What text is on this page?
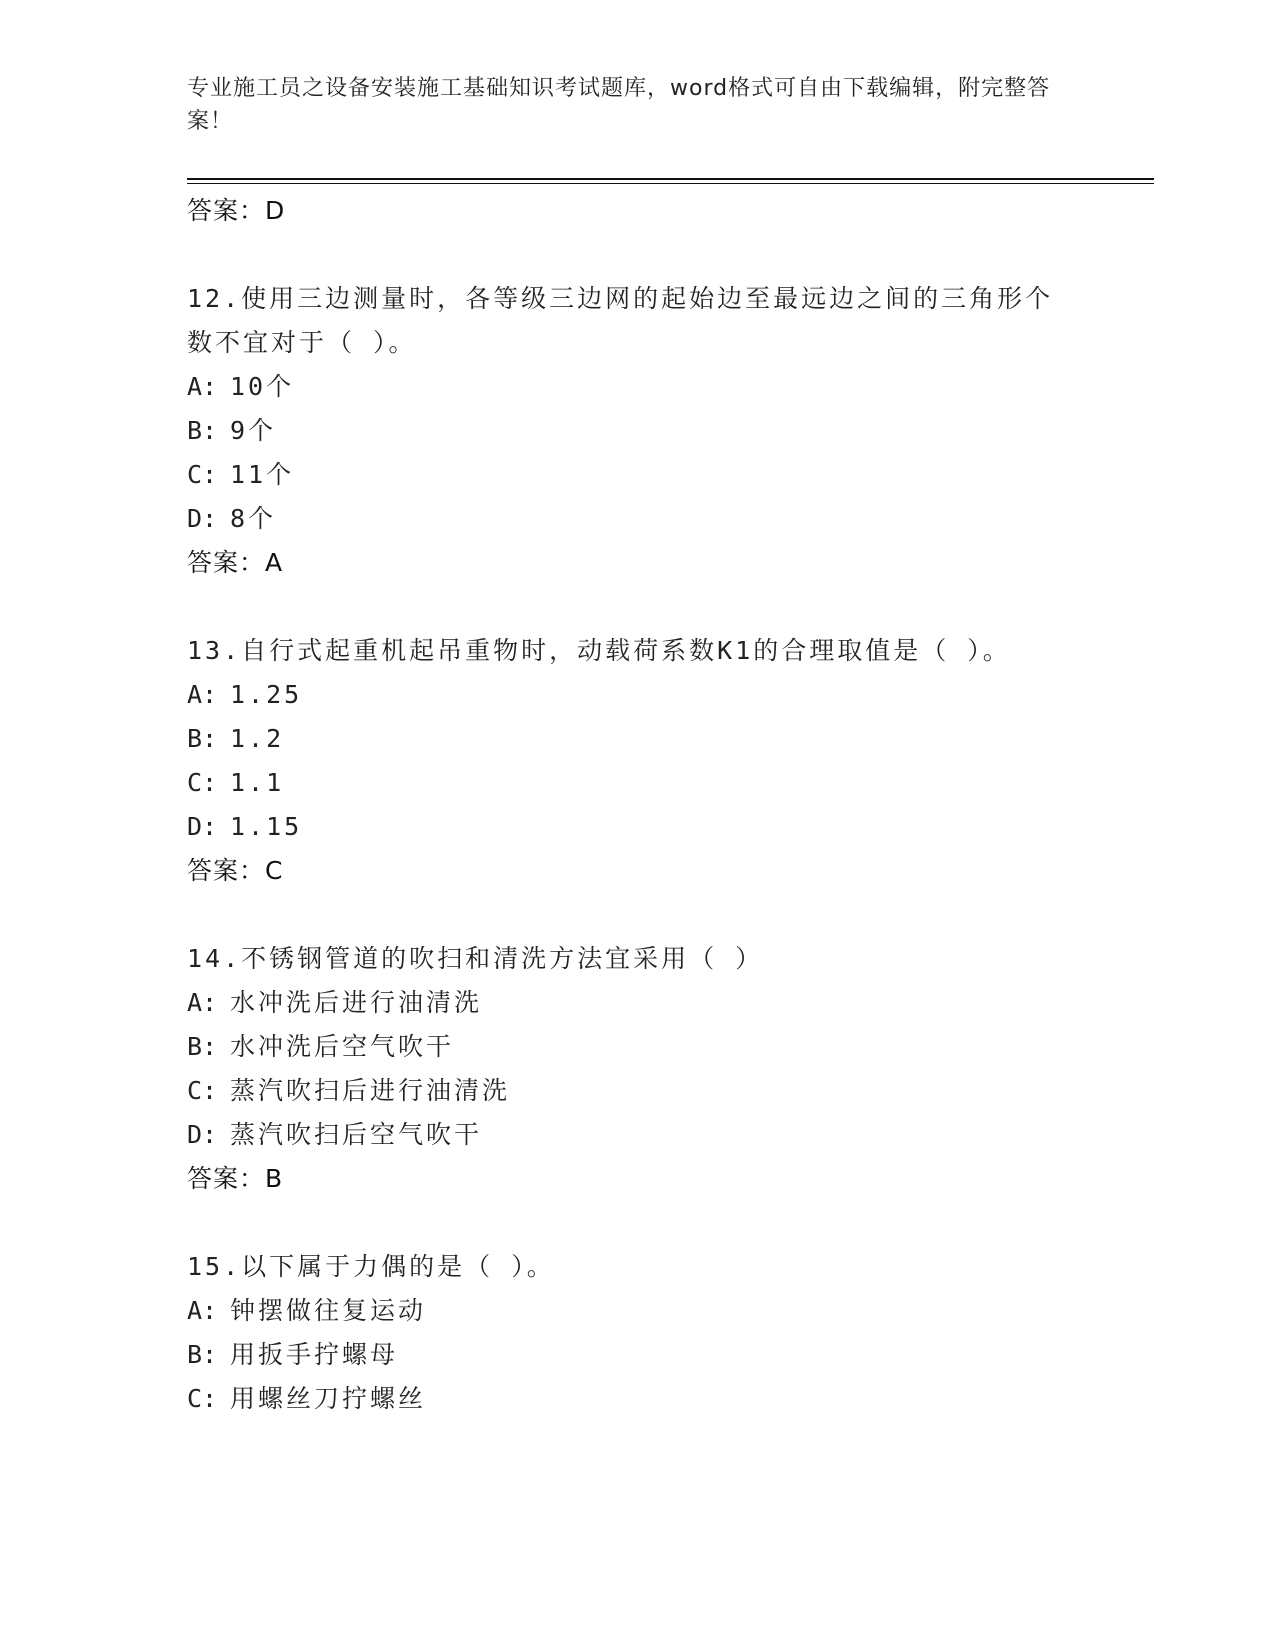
专业施工员之设备安装施工基础知识考试题库，word格式可自由下载编辑，附完整答案！
答案：D
12.使用三边测量时，各等级三边网的起始边至最远边之间的三角形个
数不宜对于（ ）。
A: 10个
B: 9个
C: 11个
D: 8个
答案：A
13.自行式起重机起吊重物时，动载荷系数K1的合理取值是（ ）。
A: 1.25
B: 1.2
C: 1.1
D: 1.15
答案：C
14.不锈钢管道的吹扫和清洗方法宜采用（ ）
A: 水冲洗后进行油清洗
B: 水冲洗后空气吹干
C: 蒸汽吹扫后进行油清洗
D: 蒸汽吹扫后空气吹干
答案：B
15.以下属于力偶的是（ ）。
A: 钟摆做往复运动
B: 用扳手拧螺母
C: 用螺丝刀拧螺丝
